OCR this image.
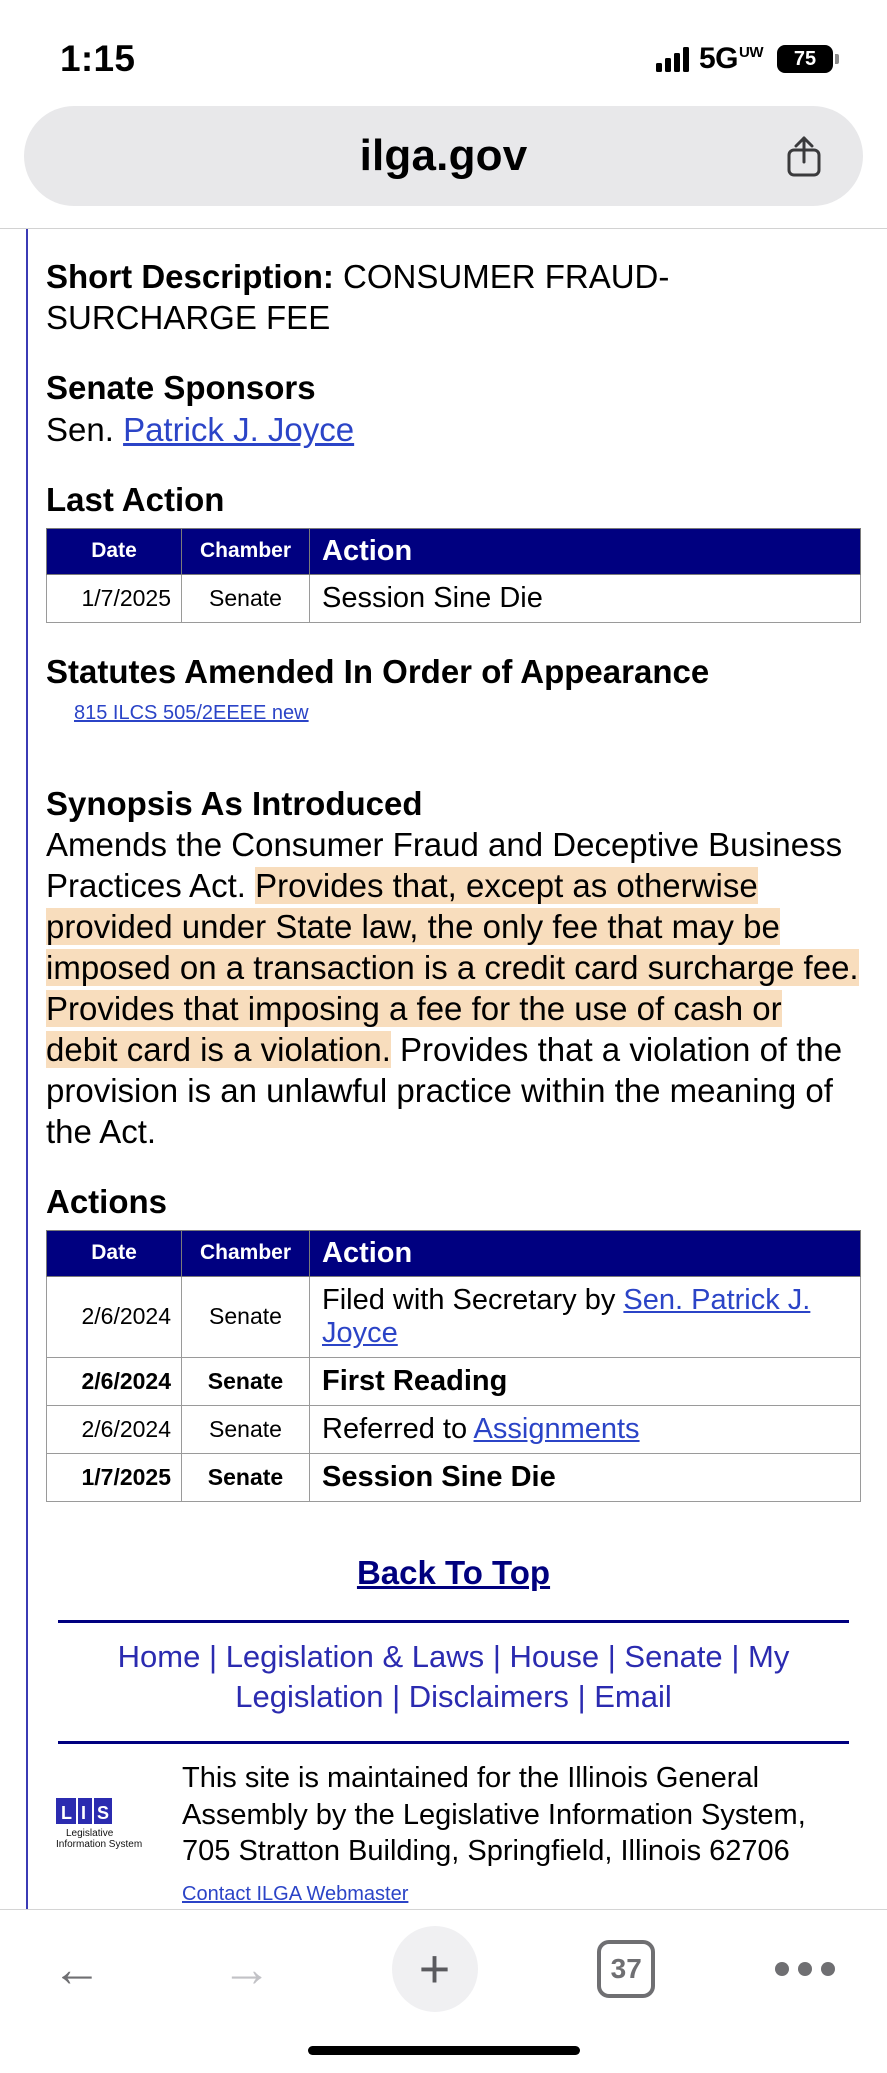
1:15	5G UW	75
ilga.gov
Short Description: CONSUMER FRAUD-SURCHARGE FEE
Senate Sponsors
Sen. Patrick J. Joyce
Last Action
Date	Chamber	Action
1/7/2025	Senate	Session Sine Die
Statutes Amended In Order of Appearance
815 ILCS 505/2EEEE new
Synopsis As Introduced
Amends the Consumer Fraud and Deceptive Business Practices Act. Provides that, except as otherwise provided under State law, the only fee that may be imposed on a transaction is a credit card surcharge fee. Provides that imposing a fee for the use of cash or debit card is a violation. Provides that a violation of the provision is an unlawful practice within the meaning of the Act.
Actions
Date	Chamber	Action
2/6/2024	Senate	Filed with Secretary by Sen. Patrick J. Joyce
2/6/2024	Senate	First Reading
2/6/2024	Senate	Referred to Assignments
1/7/2025	Senate	Session Sine Die
Back To Top
Home | Legislation & Laws | House | Senate | My Legislation | Disclaimers | Email
L I S
Legislative
Information System
This site is maintained for the Illinois General Assembly by the Legislative Information System, 705 Stratton Building, Springfield, Illinois 62706
Contact ILGA Webmaster
← →	+	37
